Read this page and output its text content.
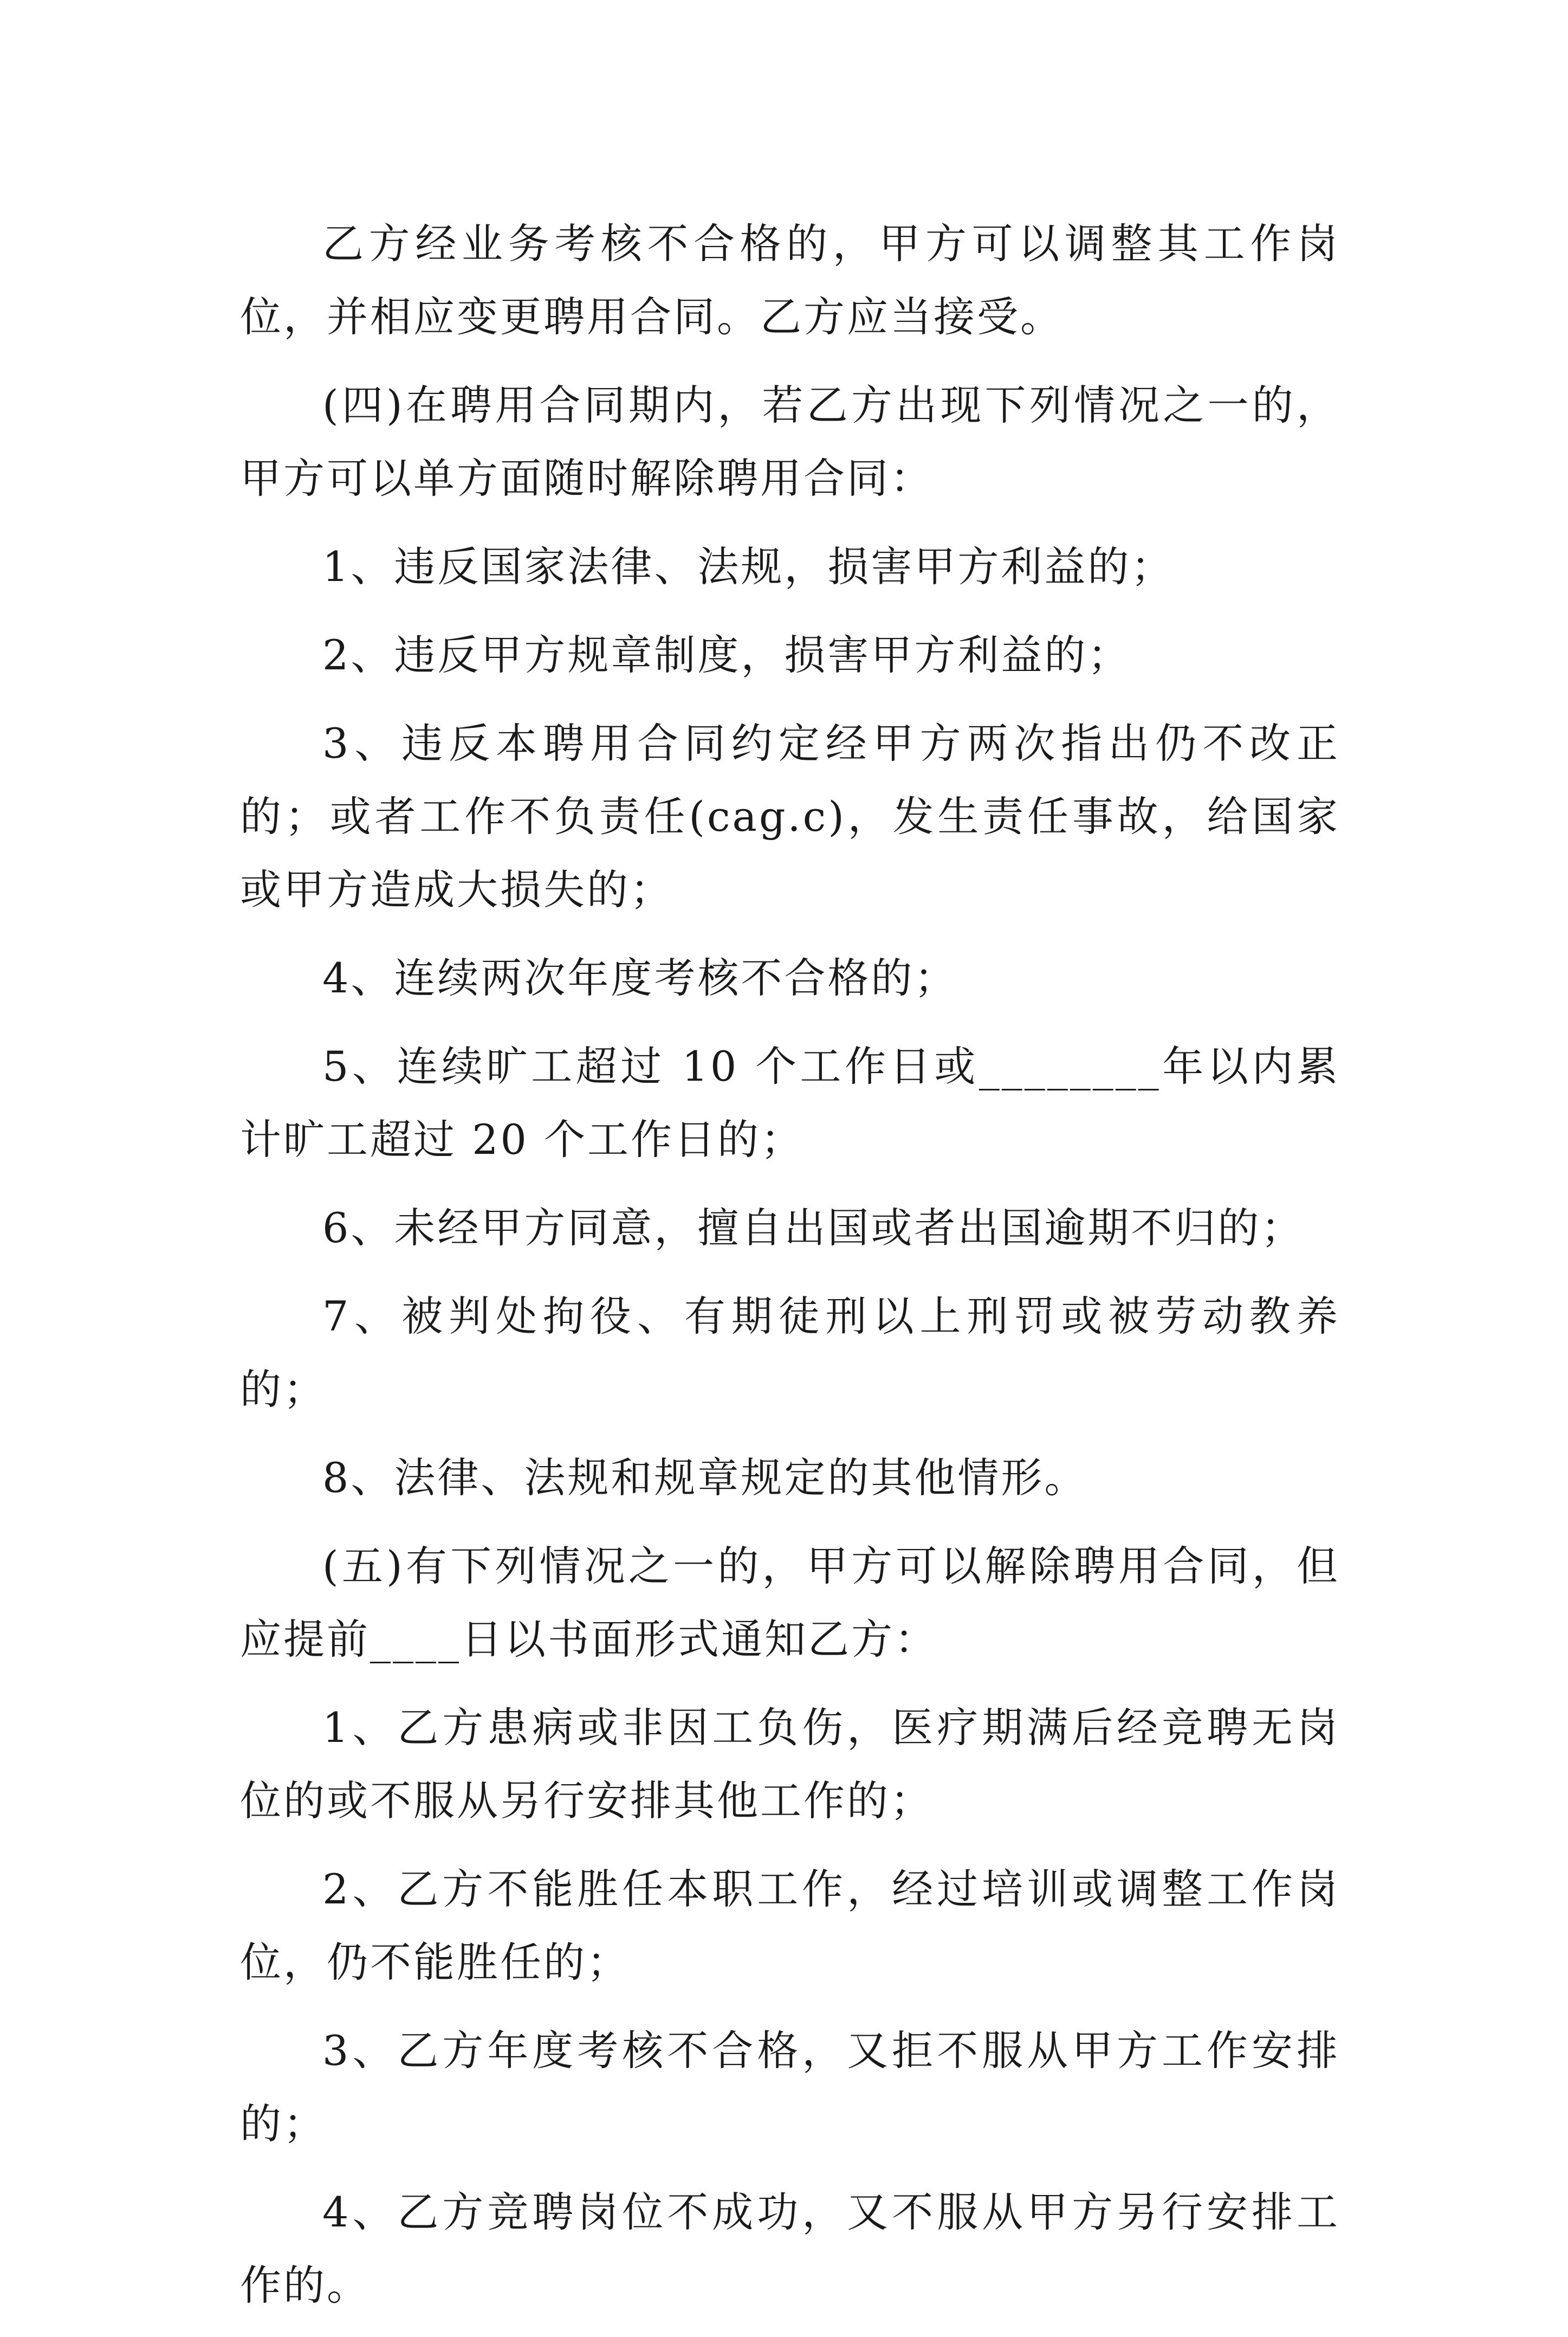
乙方经业务考核不合格的，甲方可以调整其工作岗位，并相应变更聘用合同。乙方应当接受。

(四)在聘用合同期内，若乙方出现下列情况之一的，甲方可以单方面随时解除聘用合同：

1、违反国家法律、法规，损害甲方利益的；

2、违反甲方规章制度，损害甲方利益的；

3、违反本聘用合同约定经甲方两次指出仍不改正的；或者工作不负责任(cag.c)，发生责任事故，给国家或甲方造成大损失的；

4、连续两次年度考核不合格的；

5、连续旷工超过 10 个工作日或________年以内累计旷工超过 20 个工作日的；

6、未经甲方同意，擅自出国或者出国逾期不归的；

7、被判处拘役、有期徒刑以上刑罚或被劳动教养的；

8、法律、法规和规章规定的其他情形。

(五)有下列情况之一的，甲方可以解除聘用合同，但应提前____日以书面形式通知乙方：

1、乙方患病或非因工负伤，医疗期满后经竞聘无岗位的或不服从另行安排其他工作的；

2、乙方不能胜任本职工作，经过培训或调整工作岗位，仍不能胜任的；

3、乙方年度考核不合格，又拒不服从甲方工作安排的；

4、乙方竞聘岗位不成功，又不服从甲方另行安排工作的。
